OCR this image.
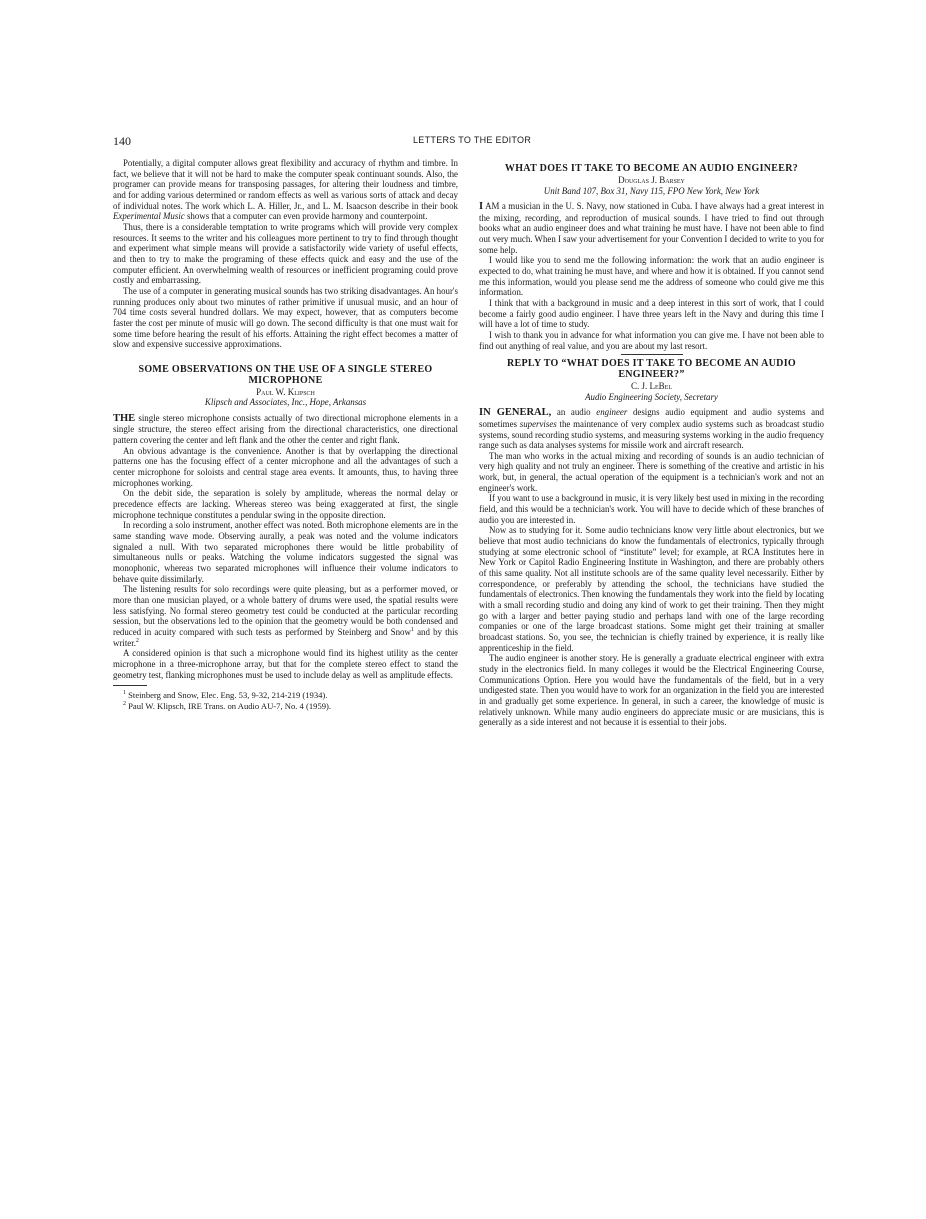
140	LETTERS TO THE EDITOR

Potentially, a digital computer allows great flexibility and accuracy of rhythm and timbre. In fact, we believe that it will not be hard to make the computer speak continuant sounds. Also, the programer can provide means for transposing passages, for altering their loudness and timbre, and for adding various determined or random effects as well as various sorts of attack and decay of individual notes. The work which L. A. Hiller, Jr., and L. M. Isaacson describe in their book Experimental Music shows that a computer can even provide harmony and counterpoint.

Thus, there is a considerable temptation to write programs which will provide very complex resources. It seems to the writer and his colleagues more pertinent to try to find through thought and experiment what simple means will provide a satisfactorily wide variety of useful effects, and then to try to make the programing of these effects quick and easy and the use of the computer efficient. An overwhelming wealth of resources or inefficient programing could prove costly and embarrassing.

The use of a computer in generating musical sounds has two striking disadvantages. An hour's running produces only about two minutes of rather primitive if unusual music, and an hour of 704 time costs several hundred dollars. We may expect, however, that as computers become faster the cost per minute of music will go down. The second difficulty is that one must wait for some time before hearing the result of his efforts. Attaining the right effect becomes a matter of slow and expensive successive approximations.

SOME OBSERVATIONS ON THE USE OF A SINGLE STEREO MICROPHONE
Paul W. Klipsch
Klipsch and Associates, Inc., Hope, Arkansas

THE single stereo microphone consists actually of two directional microphone elements in a single structure, the stereo effect arising from the directional characteristics, one directional pattern covering the center and left flank and the other the center and right flank.

An obvious advantage is the convenience. Another is that by overlapping the directional patterns one has the focusing effect of a center microphone and all the advantages of such a center microphone for soloists and central stage area events. It amounts, thus, to having three microphones working.

On the debit side, the separation is solely by amplitude, whereas the normal delay or precedence effects are lacking. Whereas stereo was being exaggerated at first, the single microphone technique constitutes a pendular swing in the opposite direction.

In recording a solo instrument, another effect was noted. Both microphone elements are in the same standing wave mode. Observing aurally, a peak was noted and the volume indicators signaled a null. With two separated microphones there would be little probability of simultaneous nulls or peaks. Watching the volume indicators suggested the signal was monophonic, whereas two separated microphones will influence their volume indicators to behave quite dissimilarly.

The listening results for solo recordings were quite pleasing, but as a performer moved, or more than one musician played, or a whole battery of drums were used, the spatial results were less satisfying. No formal stereo geometry test could be conducted at the particular recording session, but the observations led to the opinion that the geometry would be both condensed and reduced in acuity compared with such tests as performed by Steinberg and Snow$^1$ and by this writer.$^2$

A considered opinion is that such a microphone would find its highest utility as the center microphone in a three-microphone array, but that for the complete stereo effect to stand the geometry test, flanking microphones must be used to include delay as well as amplitude effects.

$^1$ Steinberg and Snow, Elec. Eng. 53, 9-32, 214-219 (1934).

$^2$ Paul W. Klipsch, IRE Trans. on Audio AU-7, No. 4 (1959).

WHAT DOES IT TAKE TO BECOME AN AUDIO ENGINEER?
Douglas J. Barsey
Unit Band 107, Box 31, Navy 115, FPO New York, New York

I AM a musician in the U. S. Navy, now stationed in Cuba. I have always had a great interest in the mixing, recording, and reproduction of musical sounds. I have tried to find out through books what an audio engineer does and what training he must have. I have not been able to find out very much. When I saw your advertisement for your Convention I decided to write to you for some help.

I would like you to send me the following information: the work that an audio engineer is expected to do, what training he must have, and where and how it is obtained. If you cannot send me this information, would you please send me the address of someone who could give me this information.

I think that with a background in music and a deep interest in this sort of work, that I could become a fairly good audio engineer. I have three years left in the Navy and during this time I will have a lot of time to study.

I wish to thank you in advance for what information you can give me. I have not been able to find out anything of real value, and you are about my last resort.

REPLY TO “WHAT DOES IT TAKE TO BECOME AN AUDIO ENGINEER?”
C. J. LeBel
Audio Engineering Society, Secretary

IN GENERAL, an audio engineer designs audio equipment and audio systems and sometimes supervises the maintenance of very complex audio systems such as broadcast studio systems, sound recording studio systems, and measuring systems working in the audio frequency range such as data analyses systems for missile work and aircraft research.

The man who works in the actual mixing and recording of sounds is an audio technician of very high quality and not truly an engineer. There is something of the creative and artistic in his work, but, in general, the actual operation of the equipment is a technician's work and not an engineer's work.

If you want to use a background in music, it is very likely best used in mixing in the recording field, and this would be a technician's work. You will have to decide which of these branches of audio you are interested in.

Now as to studying for it. Some audio technicians know very little about electronics, but we believe that most audio technicians do know the fundamentals of electronics, typically through studying at some electronic school of “institute” level; for example, at RCA Institutes here in New York or Capitol Radio Engineering Institute in Washington, and there are probably others of this same quality. Not all institute schools are of the same quality level necessarily. Either by correspondence, or preferably by attending the school, the technicians have studied the fundamentals of electronics. Then knowing the fundamentals they work into the field by locating with a small recording studio and doing any kind of work to get their training. Then they might go with a larger and better paying studio and perhaps land with one of the large recording companies or one of the large broadcast stations. Some might get their training at smaller broadcast stations. So, you see, the technician is chiefly trained by experience, it is really like apprenticeship in the field.

The audio engineer is another story. He is generally a graduate electrical engineer with extra study in the electronics field. In many colleges it would be the Electrical Engineering Course, Communications Option. Here you would have the fundamentals of the field, but in a very undigested state. Then you would have to work for an organization in the field you are interested in and gradually get some experience. In general, in such a career, the knowledge of music is relatively unknown. While many audio engineers do appreciate music or are musicians, this is generally as a side interest and not because it is essential to their jobs.
